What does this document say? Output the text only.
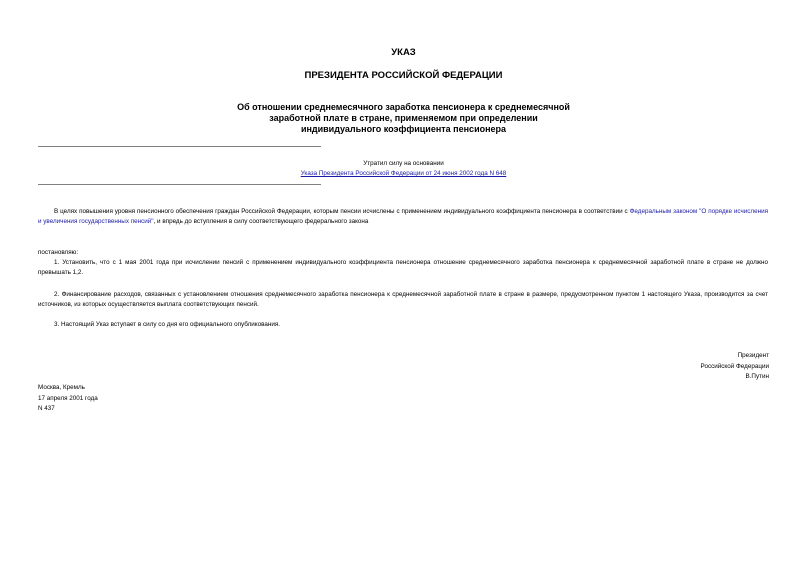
УКАЗ
ПРЕЗИДЕНТА РОССИЙСКОЙ ФЕДЕРАЦИИ
Об отношении среднемесячного заработка пенсионера к среднемесячной
заработной плате в стране, применяемом при определении
индивидуального коэффициента пенсионера
Утратил силу на основании
Указа Президента Российской Федерации от 24 июня 2002 года N 648
В целях повышения уровня пенсионного обеспечения граждан Российской Федерации, которым пенсии исчислены с применением индивидуального коэффициента пенсионера в соответствии с Федеральным законом "О порядке исчисления и увеличения государственных пенсий", и впредь до вступления в силу соответствующего федерального закона
постановляю:
1. Установить, что с 1 мая 2001 года при исчислении пенсий с применением индивидуального коэффициента пенсионера отношение среднемесячного заработка пенсионера к среднемесячной заработной плате в стране не должно превышать 1,2.
2. Финансирование расходов, связанных с установлением отношения среднемесячного заработка пенсионера к среднемесячной заработной плате в стране в размере, предусмотренном пунктом 1 настоящего Указа, производится за счет источников, из которых осуществляется выплата соответствующих пенсий.
3. Настоящий Указ вступает в силу со дня его официального опубликования.
Президент
Российской Федерации
В.Путин
Москва, Кремль
17 апреля 2001 года
N 437
